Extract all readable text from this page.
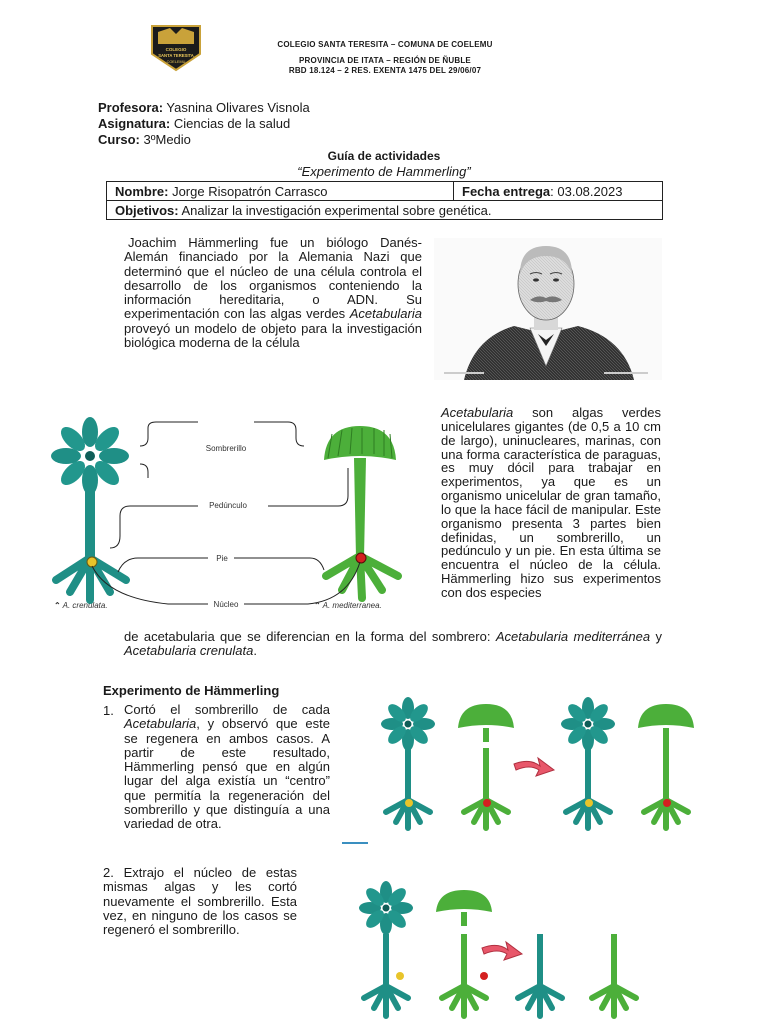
COLEGIO
SANTA TERESITA
COELEMU
COLEGIO SANTA TERESITA – COMUNA DE COELEMU
PROVINCIA DE ITATA – REGIÓN DE ÑUBLE
RBD 18.124 – 2 RES. EXENTA 1475 DEL 29/06/07
Profesora: Yasnina Olivares Visnola
Asignatura: Ciencias de la salud
Curso: 3ºMedio
Guía de actividades
“Experimento de Hammerling”
Nombre: Jorge Risopatrón Carrasco	Fecha entrega: 03.08.2023
Objetivos: Analizar la investigación experimental sobre genética.
Joachim Hämmerling fue un biólogo Danés-Alemán financiado por la Alemania Nazi que determinó que el núcleo de una célula controla el desarrollo de los organismos conteniendo la información hereditaria, o ADN. Su experimentación con las algas verdes Acetabularia proveyó un modelo de objeto para la investigación biológica moderna de la célula
Sombrerillo
Pedúnculo
Pie
Núcleo
⌃ A. crenulata.	⌃ A. mediterranea.
Acetabularia son algas verdes unicelulares gigantes (de 0,5 a 10 cm de largo), uninucleares, marinas, con una forma característica de paraguas, es muy dócil para trabajar en experimentos, ya que es un organismo unicelular de gran tamaño, lo que la hace fácil de manipular. Este organismo presenta 3 partes bien definidas, un sombrerillo, un pedúnculo y un pie. En esta última se encuentra el núcleo de la célula. Hämmerling hizo sus experimentos con dos especies
de acetabularia que se diferencian en la forma del sombrero: Acetabularia mediterránea y Acetabularia crenulata.
Experimento de Hämmerling
1. Cortó el sombrerillo de cada Acetabularia, y observó que este se regenera en ambos casos. A partir de este resultado, Hämmerling pensó que en algún lugar del alga existía un “centro” que permitía la regeneración del sombrerillo y que distinguía a una variedad de otra.
2. Extrajo el núcleo de estas mismas algas y les cortó nuevamente el sombrerillo. Esta vez, en ninguno de los casos se regeneró el sombrerillo.
